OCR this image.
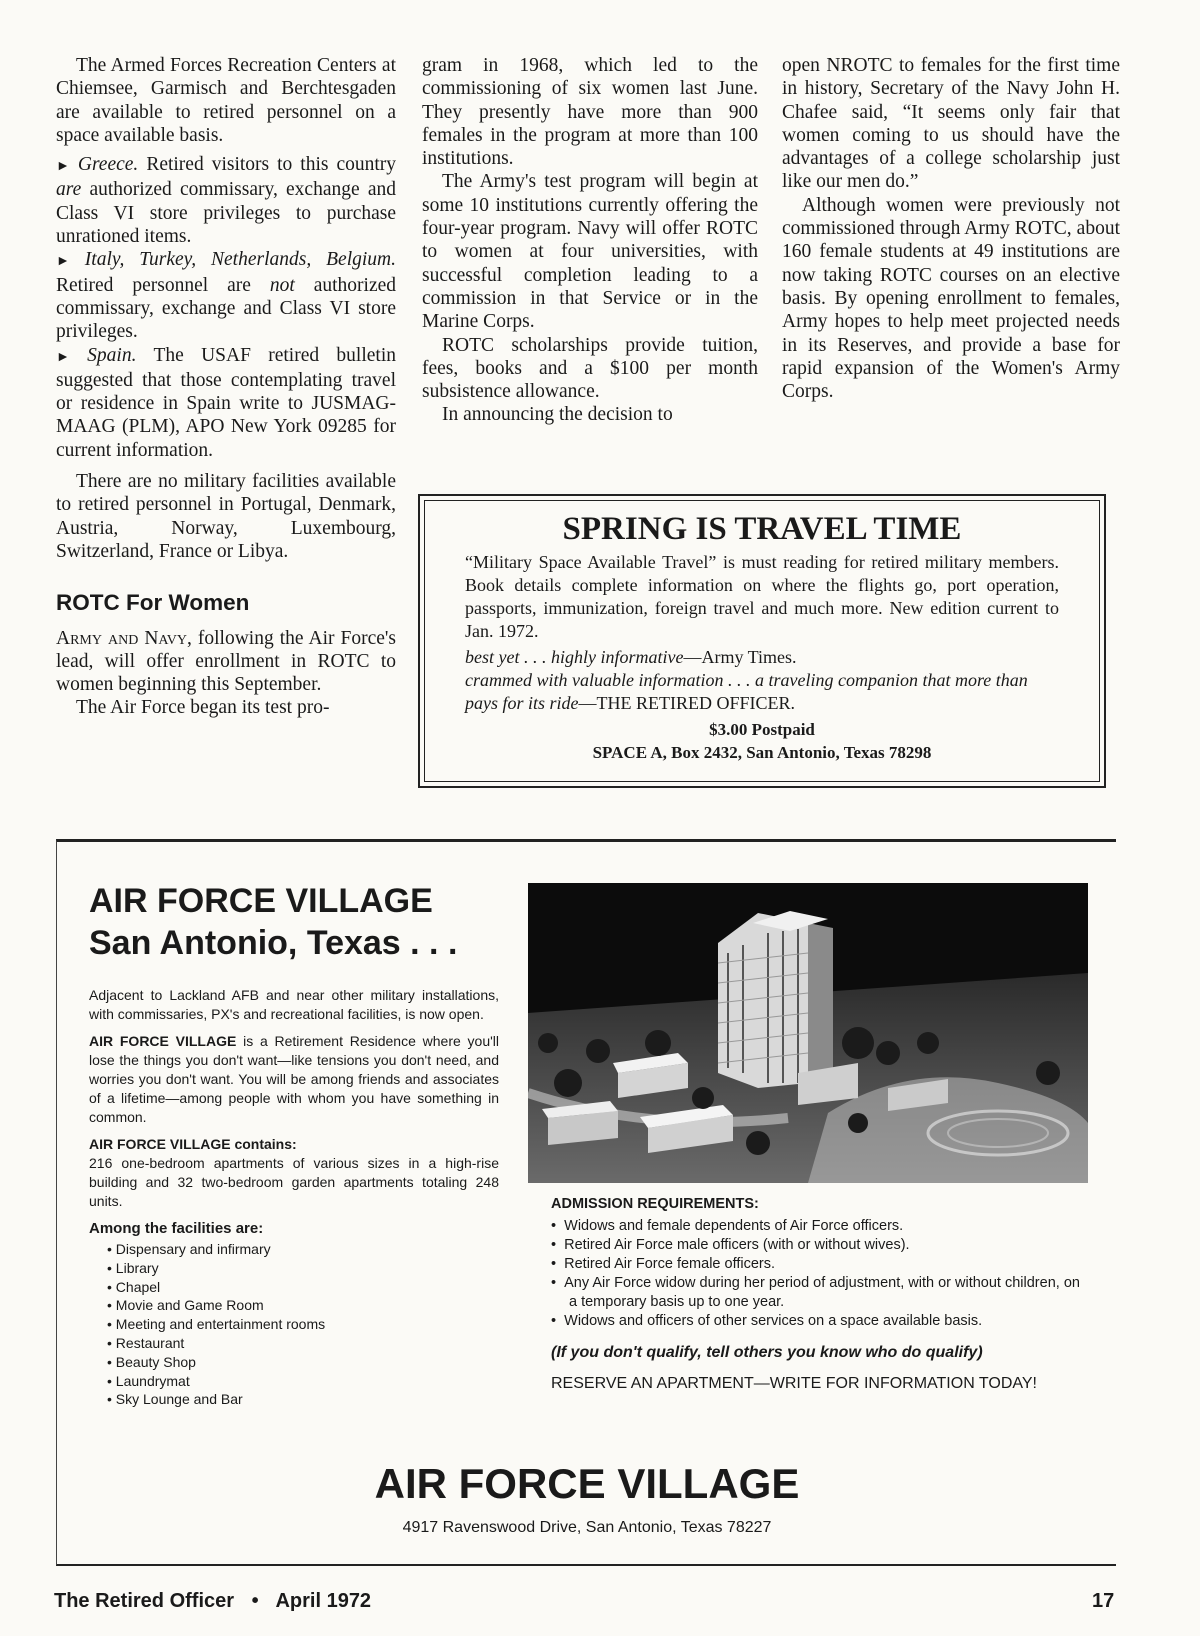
The Armed Forces Recreation Centers at Chiemsee, Garmisch and Berchtesgaden are available to retired personnel on a space available basis.

► Greece. Retired visitors to this country are authorized commissary, exchange and Class VI store privileges to purchase unrationed items.

► Italy, Turkey, Netherlands, Belgium. Retired personnel are not authorized commissary, exchange and Class VI store privileges.

► Spain. The USAF retired bulletin suggested that those contemplating travel or residence in Spain write to JUSMAG-MAAG (PLM), APO New York 09285 for current information.

There are no military facilities available to retired personnel in Portugal, Denmark, Austria, Norway, Luxembourg, Switzerland, France or Libya.

ROTC For Women

Army and Navy, following the Air Force's lead, will offer enrollment in ROTC to women beginning this September.

The Air Force began its test pro-

gram in 1968, which led to the commissioning of six women last June. They presently have more than 900 females in the program at more than 100 institutions.

The Army's test program will begin at some 10 institutions currently offering the four-year program. Navy will offer ROTC to women at four universities, with successful completion leading to a commission in that Service or in the Marine Corps.

ROTC scholarships provide tuition, fees, books and a $100 per month subsistence allowance.

In announcing the decision to

open NROTC to females for the first time in history, Secretary of the Navy John H. Chafee said, “It seems only fair that women coming to us should have the advantages of a college scholarship just like our men do.”

Although women were previously not commissioned through Army ROTC, about 160 female students at 49 institutions are now taking ROTC courses on an elective basis. By opening enrollment to females, Army hopes to help meet projected needs in its Reserves, and provide a base for rapid expansion of the Women's Army Corps.

SPRING IS TRAVEL TIME

“Military Space Available Travel” is must reading for retired military members. Book details complete information on where the flights go, port operation, passports, immunization, foreign travel and much more. New edition current to Jan. 1972.

best yet . . . highly informative—Army Times.

crammed with valuable information . . . a traveling companion that more than pays for its ride—THE RETIRED OFFICER.

$3.00 Postpaid

SPACE A, Box 2432, San Antonio, Texas 78298

AIR FORCE VILLAGE
San Antonio, Texas . . .

Adjacent to Lackland AFB and near other military installations, with commissaries, PX's and recreational facilities, is now open.

AIR FORCE VILLAGE is a Retirement Residence where you'll lose the things you don't want—like tensions you don't need, and worries you don't want. You will be among friends and associates of a lifetime—among people with whom you have something in common.

AIR FORCE VILLAGE contains:

216 one-bedroom apartments of various sizes in a high-rise building and 32 two-bedroom garden apartments totaling 248 units.

Among the facilities are:

• Dispensary and infirmary
• Library
• Chapel
• Movie and Game Room
• Meeting and entertainment rooms
• Restaurant
• Beauty Shop
• Laundrymat
• Sky Lounge and Bar

ADMISSION REQUIREMENTS:

•  Widows and female dependents of Air Force officers.
•  Retired Air Force male officers (with or without wives).
•  Retired Air Force female officers.
•  Any Air Force widow during her period of adjustment, with or without children, on a temporary basis up to one year.
•  Widows and officers of other services on a space available basis.

(If you don't qualify, tell others you know who do qualify)

RESERVE AN APARTMENT—WRITE FOR INFORMATION TODAY!

AIR FORCE VILLAGE
4917 Ravenswood Drive, San Antonio, Texas 78227
The Retired Officer • April 1972	17
